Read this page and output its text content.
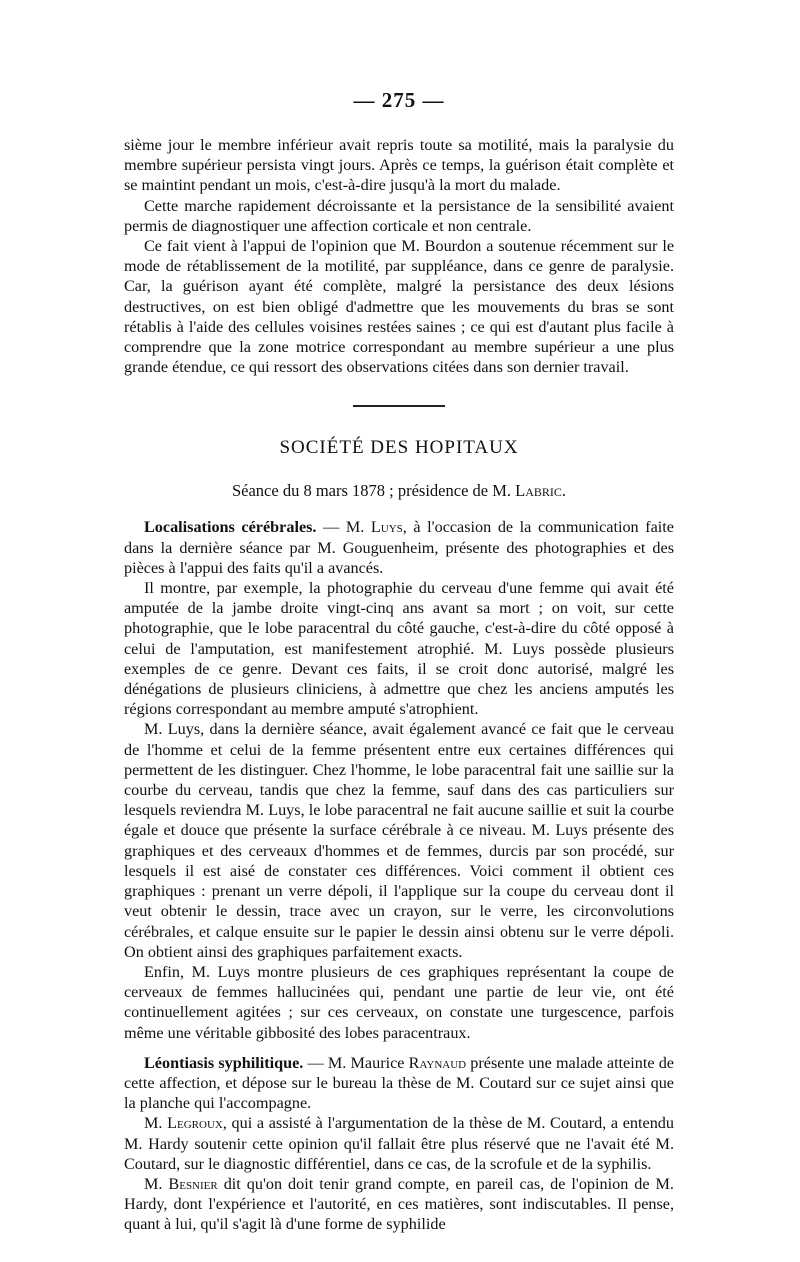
— 275 —

sième jour le membre inférieur avait repris toute sa motilité, mais la paralysie du membre supérieur persista vingt jours. Après ce temps, la guérison était complète et se maintint pendant un mois, c'est-à-dire jusqu'à la mort du malade.

Cette marche rapidement décroissante et la persistance de la sensibilité avaient permis de diagnostiquer une affection corticale et non centrale.

Ce fait vient à l'appui de l'opinion que M. Bourdon a soutenue récemment sur le mode de rétablissement de la motilité, par suppléance, dans ce genre de paralysie. Car, la guérison ayant été complète, malgré la persistance des deux lésions destructives, on est bien obligé d'admettre que les mouvements du bras se sont rétablis à l'aide des cellules voisines restées saines ; ce qui est d'autant plus facile à comprendre que la zone motrice correspondant au membre supérieur a une plus grande étendue, ce qui ressort des observations citées dans son dernier travail.

SOCIÉTÉ DES HOPITAUX
Séance du 8 mars 1878 ; présidence de M. Labric.

Localisations cérébrales. — M. Luys, à l'occasion de la communication faite dans la dernière séance par M. Gouguenheim, présente des photographies et des pièces à l'appui des faits qu'il a avancés.

Il montre, par exemple, la photographie du cerveau d'une femme qui avait été amputée de la jambe droite vingt-cinq ans avant sa mort ; on voit, sur cette photographie, que le lobe paracentral du côté gauche, c'est-à-dire du côté opposé à celui de l'amputation, est manifestement atrophié. M. Luys possède plusieurs exemples de ce genre. Devant ces faits, il se croit donc autorisé, malgré les dénégations de plusieurs cliniciens, à admettre que chez les anciens amputés les régions correspondant au membre amputé s'atrophient.

M. Luys, dans la dernière séance, avait également avancé ce fait que le cerveau de l'homme et celui de la femme présentent entre eux certaines différences qui permettent de les distinguer. Chez l'homme, le lobe paracentral fait une saillie sur la courbe du cerveau, tandis que chez la femme, sauf dans des cas particuliers sur lesquels reviendra M. Luys, le lobe paracentral ne fait aucune saillie et suit la courbe égale et douce que présente la surface cérébrale à ce niveau. M. Luys présente des graphiques et des cerveaux d'hommes et de femmes, durcis par son procédé, sur lesquels il est aisé de constater ces différences. Voici comment il obtient ces graphiques : prenant un verre dépoli, il l'applique sur la coupe du cerveau dont il veut obtenir le dessin, trace avec un crayon, sur le verre, les circonvolutions cérébrales, et calque ensuite sur le papier le dessin ainsi obtenu sur le verre dépoli. On obtient ainsi des graphiques parfaitement exacts.

Enfin, M. Luys montre plusieurs de ces graphiques représentant la coupe de cerveaux de femmes hallucinées qui, pendant une partie de leur vie, ont été continuellement agitées ; sur ces cerveaux, on constate une turgescence, parfois même une véritable gibbosité des lobes paracentraux.

Léontiasis syphilitique. — M. Maurice Raynaud présente une malade atteinte de cette affection, et dépose sur le bureau la thèse de M. Coutard sur ce sujet ainsi que la planche qui l'accompagne.

M. Legroux, qui a assisté à l'argumentation de la thèse de M. Coutard, a entendu M. Hardy soutenir cette opinion qu'il fallait être plus réservé que ne l'avait été M. Coutard, sur le diagnostic différentiel, dans ce cas, de la scrofule et de la syphilis.

M. Besnier dit qu'on doit tenir grand compte, en pareil cas, de l'opinion de M. Hardy, dont l'expérience et l'autorité, en ces matières, sont indiscutables. Il pense, quant à lui, qu'il s'agit là d'une forme de syphilide
